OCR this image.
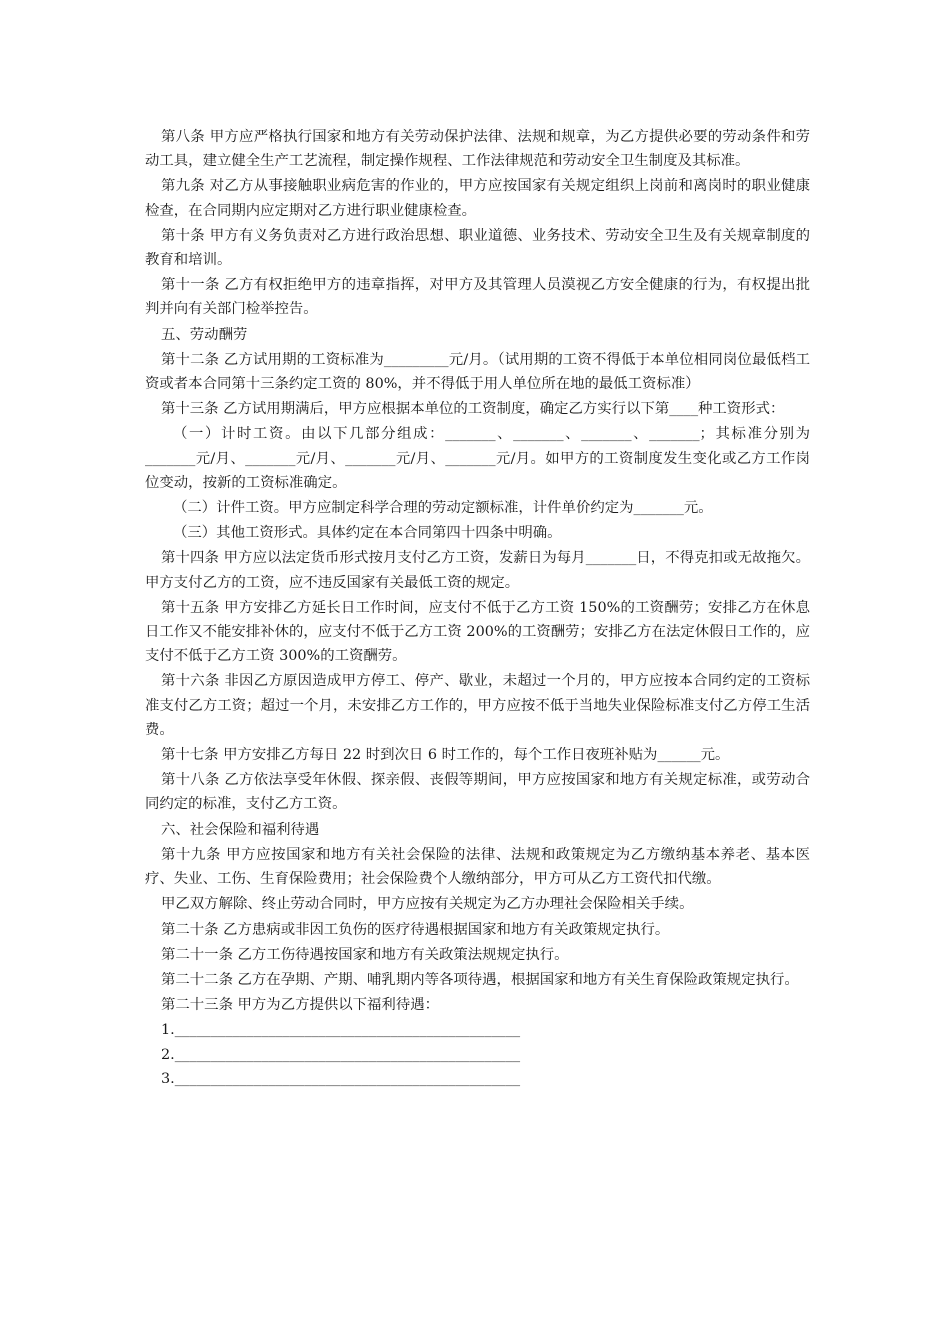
第八条 甲方应严格执行国家和地方有关劳动保护法律、法规和规章，为乙方提供必要的劳动条件和劳动工具，建立健全生产工艺流程，制定操作规程、工作法律规范和劳动安全卫生制度及其标准。

第九条 对乙方从事接触职业病危害的作业的，甲方应按国家有关规定组织上岗前和离岗时的职业健康检查，在合同期内应定期对乙方进行职业健康检查。

第十条 甲方有义务负责对乙方进行政治思想、职业道德、业务技术、劳动安全卫生及有关规章制度的教育和培训。

第十一条 乙方有权拒绝甲方的违章指挥，对甲方及其管理人员漠视乙方安全健康的行为，有权提出批判并向有关部门检举控告。

五、劳动酬劳

第十二条 乙方试用期的工资标准为_________元/月。（试用期的工资不得低于本单位相同岗位最低档工资或者本合同第十三条约定工资的 80%，并不得低于用人单位所在地的最低工资标准）

第十三条 乙方试用期满后，甲方应根据本单位的工资制度，确定乙方实行以下第____种工资形式：

（一）计时工资。由以下几部分组成：_______、_______、_______、_______；其标准分别为_______元/月、_______元/月、_______元/月、_______元/月。如甲方的工资制度发生变化或乙方工作岗位变动，按新的工资标准确定。

（二）计件工资。甲方应制定科学合理的劳动定额标准，计件单价约定为_______元。

（三）其他工资形式。具体约定在本合同第四十四条中明确。

第十四条 甲方应以法定货币形式按月支付乙方工资，发薪日为每月_______日，不得克扣或无故拖欠。甲方支付乙方的工资，应不违反国家有关最低工资的规定。

第十五条 甲方安排乙方延长日工作时间，应支付不低于乙方工资 150%的工资酬劳；安排乙方在休息日工作又不能安排补休的，应支付不低于乙方工资 200%的工资酬劳；安排乙方在法定休假日工作的，应支付不低于乙方工资 300%的工资酬劳。

第十六条 非因乙方原因造成甲方停工、停产、歇业，未超过一个月的，甲方应按本合同约定的工资标准支付乙方工资；超过一个月，未安排乙方工作的，甲方应按不低于当地失业保险标准支付乙方停工生活费。

第十七条 甲方安排乙方每日 22 时到次日 6 时工作的，每个工作日夜班补贴为______元。

第十八条 乙方依法享受年休假、探亲假、丧假等期间，甲方应按国家和地方有关规定标准，或劳动合同约定的标准，支付乙方工资。

六、社会保险和福利待遇

第十九条 甲方应按国家和地方有关社会保险的法律、法规和政策规定为乙方缴纳基本养老、基本医疗、失业、工伤、生育保险费用；社会保险费个人缴纳部分，甲方可从乙方工资代扣代缴。

甲乙双方解除、终止劳动合同时，甲方应按有关规定为乙方办理社会保险相关手续。

第二十条 乙方患病或非因工负伤的医疗待遇根据国家和地方有关政策规定执行。

第二十一条 乙方工伤待遇按国家和地方有关政策法规规定执行。

第二十二条 乙方在孕期、产期、哺乳期内等各项待遇，根据国家和地方有关生育保险政策规定执行。

第二十三条 甲方为乙方提供以下福利待遇：

1.________________________________________________

2.________________________________________________

3.________________________________________________
